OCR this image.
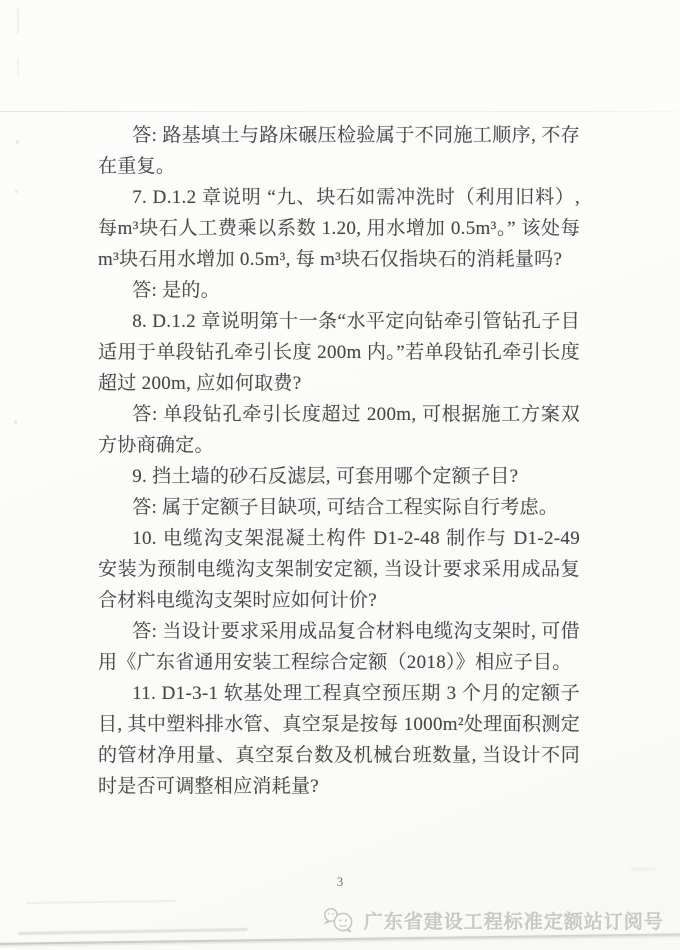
答: 路基填土与路床碾压检验属于不同施工顺序, 不存在重复。

7. D.1.2 章说明 “九、块石如需冲洗时（利用旧料）, 每m³块石人工费乘以系数 1.20, 用水增加 0.5m³。” 该处每 m³块石用水增加 0.5m³, 每 m³块石仅指块石的消耗量吗?

答: 是的。

8. D.1.2 章说明第十一条“水平定向钻牵引管钻孔子目适用于单段钻孔牵引长度 200m 内。”若单段钻孔牵引长度超过 200m, 应如何取费?

答: 单段钻孔牵引长度超过 200m, 可根据施工方案双方协商确定。

9. 挡土墙的砂石反滤层, 可套用哪个定额子目?

答: 属于定额子目缺项, 可结合工程实际自行考虑。

10. 电缆沟支架混凝土构件 D1-2-48 制作与 D1-2-49 安装为预制电缆沟支架制安定额, 当设计要求采用成品复合材料电缆沟支架时应如何计价?

答: 当设计要求采用成品复合材料电缆沟支架时, 可借用《广东省通用安装工程综合定额（2018）》相应子目。

11. D1-3-1 软基处理工程真空预压期 3 个月的定额子目, 其中塑料排水管、真空泵是按每 1000m²处理面积测定的管材净用量、真空泵台数及机械台班数量, 当设计不同时是否可调整相应消耗量?

3
广东省建设工程标准定额站订阅号
